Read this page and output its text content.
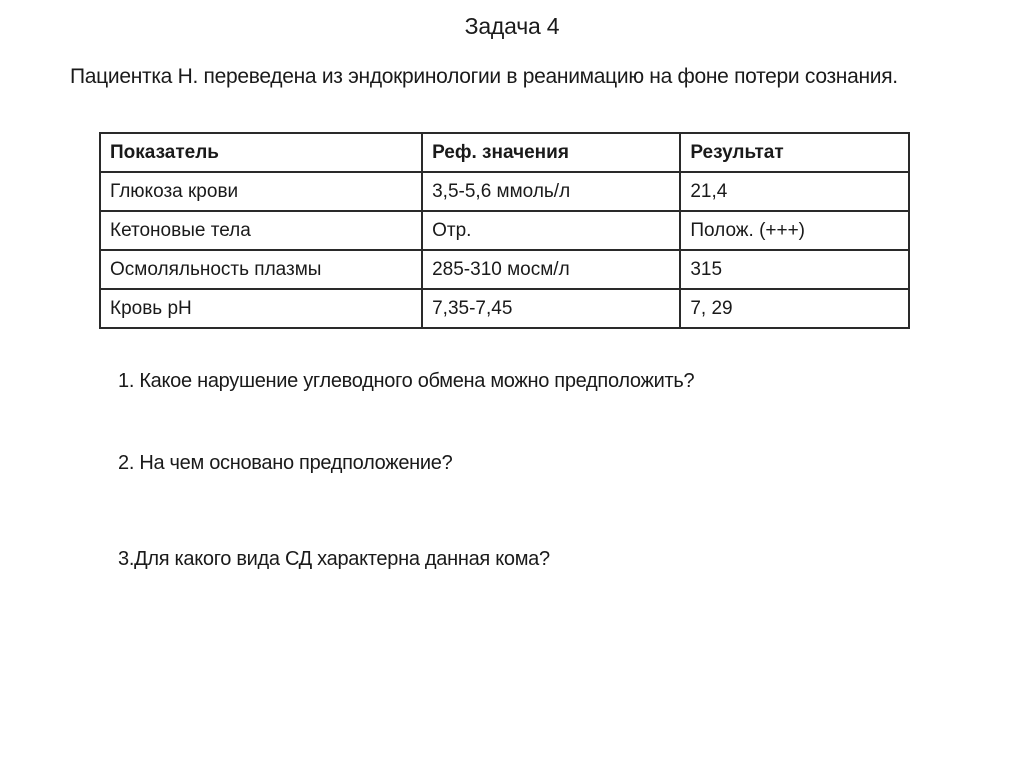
Задача 4
Пациентка Н. переведена из эндокринологии в реанимацию на фоне потери сознания.
Показатель	Реф. значения	Результат
Глюкоза крови	3,5-5,6 ммоль/л	21,4
Кетоновые тела	Отр.	Полож. (+++)
Осмоляльность плазмы	285-310 мосм/л	315
Кровь pH	7,35-7,45	7, 29
1. Какое нарушение углеводного обмена можно предположить?
2. На чем основано предположение?
3.Для какого вида СД характерна данная кома?
